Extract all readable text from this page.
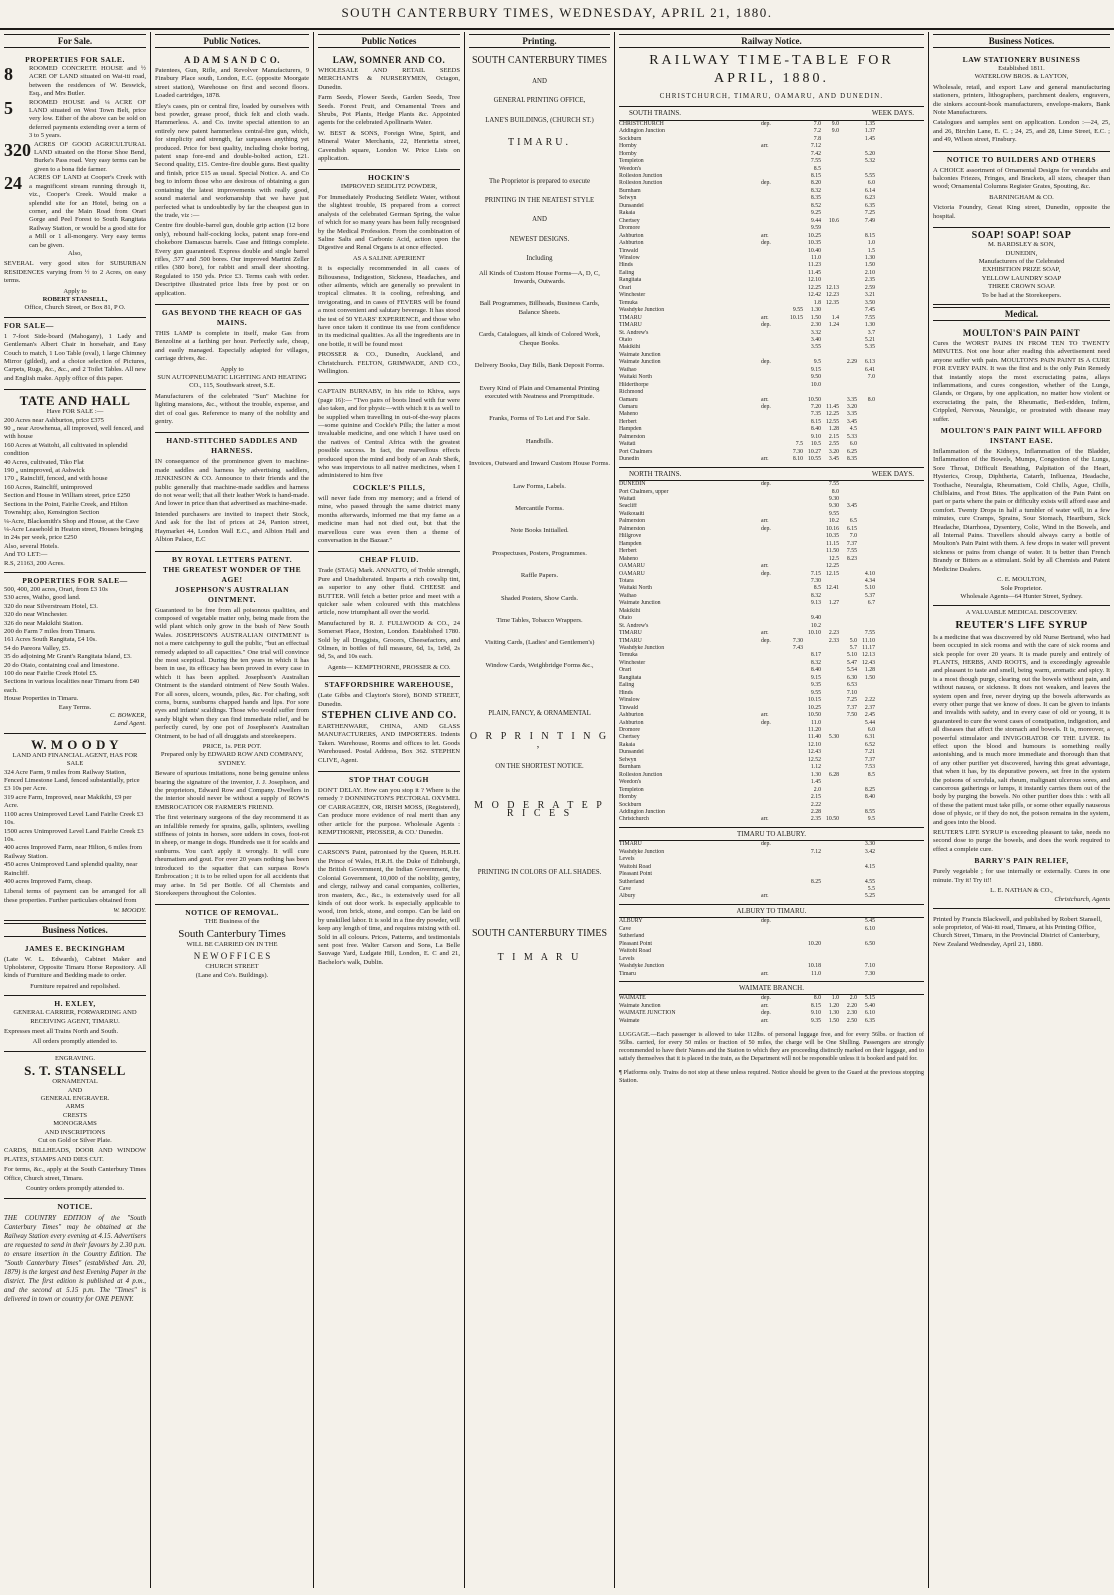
SOUTH CANTERBURY TIMES, WEDNESDAY, APRIL 21, 1880.
For Sale.
PROPERTIES FOR SALE.
8	ROOMED CONCRETE HOUSE and ½ ACRE OF LAND situated on Wai-iti road, between the residences of W. Beswick, Esq., and Mrs Butler.
5	ROOMED HOUSE and ¼ ACRE OF LAND situated on West Town Belt, price very low. Either of the above can be sold on deferred payments extending over a term of 3 to 5 years.
320 ACRES OF GOOD AGRICULTURAL LAND situated on the Horse Shoe Bend, Burke's Pass road. Very easy terms can be given to a bona fide farmer.
24	ACRES OF LAND at Cooper's Creek with a magnificent stream running through it, viz., Cooper's Creek. Would make a splendid site for an Hotel, being on a corner, and the Main Road from Orari Gorge and Peel Forest to South Rangitata Railway Station, or would be a good site for a Mill or 1 all-mongery. Very easy terms can be given.
Also,

SEVERAL very good sites for SUBURBAN RESIDENCES varying from ½ to 2 Acres, on easy terms.

Apply to
ROBERT STANSELL,
Office, Church Street, or Box 81, P O.
FOR SALE—

1 7-foot Side-board (Mahogany), 1 Lady and Gentleman's Albert Chair in horsehair, and Easy Couch to match, 1 Loo Table (oval), 1 large Chimney Mirror (gilded), and a choice selection of Pictures, Carpets, Rugs, &c., &c., and 2 Toilet Tables. All new and English make. Apply office of this paper.

TATE AND HALL
Have FOR SALE :—
200 Acres near Ashburton, price £375
90 „ near Arowhenua, all improved, well fenced, and with house
160 Acres at Waitohi, all cultivated in splendid condition
40 Acres, cultivated, Tiko Flat
190 „ unimproved, at Ashwick
170 „ Raincliff, fenced, and with house
160 Acres, Raincliff, unimproved
Section and House in William street, price £250
Sections in the Point, Fairlie Creek, and Hilton Township; also, Kensington Section
¼-Acre, Blacksmith's Shop and House, at the Cave
¼-Acre Leasehold in Heaton street, Houses bringing in 24s per week, price £250
Also, several Hotels.
And TO LET:—
R.S, 21163, 200 Acres.
PROPERTIES FOR SALE—
500, 400, 200 acres, Orari, from £3 10s
530 acres, Waiho, good land.
320 do near Silverstream Hotel, £3.
320 do near Winchester.
326 do near Makikihi Station.
200 do Farm 7 miles from Timaru.
161 Acres South Rangitata, £4 10s.
54 do Pareora Valley, £5.
35 do adjoining Mr Grant's Rangitata Island, £3.
20 do Otaio, containing coal and limestone.
100 do near Fairlie Creek Hotel £5.
Sections in various localities near Timaru from £40 each.
House Properties in Timaru.
Easy Terms.
C. BOWKER,
Land Agent.
W. M O O D Y
LAND AND FINANCIAL AGENT, HAS FOR SALE
324 Acre Farm, 9 miles from Railway Station, Fenced Limestone Land, fenced substantially, price £3 10s per Acre.
319 acre Farm, Improved, near Makikihi, £9 per Acre.
1100 acres Unimproved Level Land Fairlie Creek £3 10s.
1500 acres Unimproved Level Land Fairlie Creek £3 10s.
400 acres Improved Farm, near Hilton, 6 miles from Railway Station.
450 acres Unimproved Land splendid quality, near Raincliff.
400 acres Improved Farm, cheap.

Liberal terms of payment can be arranged for all these properties. Further particulars obtained from

W. MOODY.
Business Notices.
JAMES E. BECKINGHAM

(Late W. L. Edwards), Cabinet Maker and Upholsterer, Opposite Timaru Horse Repository. All kinds of Furniture and Bedding made to order.

Furniture repaired and repolished.
H. EXLEY,
GENERAL CARRIER, FORWARDING AND RECEIVING AGENT, TIMARU.

Expresses meet all Trains North and South.

All orders promptly attended to.
ENGRAVING.
S. T. STANSELL
ORNAMENTAL
AND
GENERAL ENGRAVER.
ARMS
CRESTS
MONOGRAMS
AND INSCRIPTIONS
Cut on Gold or Silver Plate.

CARDS, BILLHEADS, DOOR AND WINDOW PLATES, STAMPS AND DIES CUT.

For terms, &c., apply at the South Canterbury Times Office, Church street, Timaru.

Country orders promptly attended to.
NOTICE.

THE COUNTRY EDITION of the "South Canterbury Times" may be obtained at the Railway Station every evening at 4.15. Advertisers are requested to send in their favours by 2.30 p.m. to ensure insertion in the Country Edition. The "South Canterbury Times" (established Jan. 20, 1879) is the largest and best Evening Paper in the district. The first edition is published at 4 p.m., and the second at 5.15 p.m. The "Times" is delivered in town or country for ONE PENNY.

Public Notices.
A D A M S A N D C O.

Patentees, Gun, Rifle, and Revolver Manufacturers, 9 Finsbury Place south, London, E.C. (opposite Moorgate street station), Warehouse on first and second floors. Loaded cartridges, 1878.

Eley's cases, pin or central fire, loaded by ourselves with best powder, grease proof, thick felt and cloth wads. Hammerless. A. and Co. invite special attention to an entirely new patent hammerless central-fire gun, which, for simplicity and strength, far surpasses anything yet produced. Price for best quality, including choke boring, patent snap fore-end and double-bolted action, £21. Second quality, £15. Centre-fire double guns. Best quality and finish, price £15 as usual. Special Notice. A. and Co beg to inform those who are desirous of obtaining a gun containing the latest improvements with really good, sound material and workmanship that we have just perfected what is undoubtedly by far the cheapest gun in the trade, viz :—

Centre fire double-barrel gun, double grip action (12 bore only), rebound half-cocking locks, patent snap fore-end chokebore Damascus barrels. Case and fittings complete. Every gun guaranteed. Express double and single barrel rifles, .577 and .500 bores. Our improved Martini Zeller rifles (380 bore), for rabbit and small deer shooting. Regulated to 150 yds. Price £3. Terms cash with order. Descriptive illustrated price lists free by post or on application.

GAS BEYOND THE REACH OF GAS MAINS.

THIS LAMP is complete in itself, make Gas from Benzoline at a farthing per hour. Perfectly safe, cheap, and easily managed. Especially adapted for villages, carriage drives, &c.

Apply to
SUN AUTOPNEUMATIC LIGHTING AND HEATING CO., 115, Southwark street, S.E.

Manufacturers of the celebrated "Sun" Machine for lighting mansions, &c., without the trouble, expense, and dirt of coal gas. Reference to many of the nobility and gentry.

HAND-STITCHED SADDLES AND HARNESS.

IN consequence of the prominence given to machine-made saddles and harness by advertising saddlers, JENKINSON & CO. Announce to their friends and the public generally that machine-made saddles and harness do not wear well; that all their leather Work is hand-made. And lower in price than that advertised as machine-made.

Intended purchasers are invited to inspect their Stock, And ask for the list of prices at 24, Panton street, Haymarket 44, London Wall E.C., and Albion Hall and Albion Palace, E.C

BY ROYAL LETTERS PATENT.
THE GREATEST WONDER OF THE AGE!
JOSEPHSON'S AUSTRALIAN OINTMENT.

Guaranteed to be free from all poisonous qualities, and composed of vegetable matter only, being made from the wild plant which only grow in the bush of New South Wales. JOSEPHSON'S AUSTRALIAN OINTMENT is not a mere catchpenny to gull the public, "but an effectual remedy adapted to all capacities." One trial will convince the most sceptical. During the ten years in which it has been in use, its efficacy has been proved in every case in which it has been applied. Josephson's Australian Ointment is the standard ointment of New South Wales. For all sores, ulcers, wounds, piles, &c. For chafing, soft corns, burns, sunburns chapped hands and lips. For sore eyes and infants' scaldings. Those who would suffer from sandy blight when they can find immediate relief, and be perfectly cured, by one pot of Josephson's Australian Ointment, to be had of all druggists and storekeepers.

PRICE, 1s. PER POT.
Prepared only by EDWARD ROW AND COMPANY, SYDNEY.

Beware of spurious imitations, none being genuine unless bearing the signature of the inventor, J. J. Josephson, and the proprietors, Edward Row and Company. Dwellers in the interior should never be without a supply of ROW'S EMBROCATION OR FARMER'S FRIEND.

The first veterinary surgeons of the day recommend it as an infallible remedy for sprains, galls, splinters, swelling stiffness of joints in horses, sore udders in cows, foot-rot in sheep, or mange in dogs. Hundreds use it for scalds and sunburns. You can't apply it wrongly. It will cure rheumatism and gout. For over 20 years nothing has been introduced to the squatter that can surpass Row's Embrocation ; it is to be relied upon for all accidents that may arise. In 5d per Bottle. Of all Chemists and Storekeepers throughout the Colonies.

NOTICE OF REMOVAL.
THE Business of the
South Canterbury Times
WILL BE CARRIED ON IN THE
N E W O F F I C E S
CHURCH STREET
(Lane and Co's. Buildings).
Public Notices
LAW, SOMNER AND CO.

WHOLESALE AND RETAIL SEEDS MERCHANTS & NURSERYMEN, Octagon, Dunedin.

Farm Seeds, Flower Seeds, Garden Seeds, Tree Seeds. Forest Fruit, and Ornamental Trees and Shrubs, Pot Plants, Hedge Plants &c. Appointed agents for the celebrated Apollinaris Water.

W. BEST & SONS, Foreign Wine, Spirit, and Mineral Water Merchants, 22, Henrietta street, Cavendish square, London W. Price Lists on application.

HOCKIN'S
IMPROVED SEIDLITZ POWDER,

For Immediately Producing Seidletz Water, without the slightest trouble, IS prepared from a correct analysis of the celebrated German Spring, the value of which for so many years has been fully recognised by the Medical Profession. From the combination of Saline Salts and Carbonic Acid, action upon the Digestive and Renal Organs is at once effected.

AS A SALINE APERIENT

It is especially recommended in all cases of Biliousness, Indigestion, Sickness, Headaches, and other ailments, which are generally so prevalent in tropical climates. It is cooling, refreshing, and invigorating, and in cases of FEVERS will be found a most convenient and salutary beverage. It has stood the test of 50 YEARS' EXPERIENCE, and those who have once taken it continue its use from confidence in its medicinal qualities. As all the ingredients are in one bottle, it will be found most

PROSSER & CO., Dunedin, Auckland, and Christchurch. FELTON, GRIMWADE, AND CO., Wellington.

CAPTAIN BURNABY, in his ride to Khiva, says (page 16):— "Two pairs of boots lined with fur were also taken, and for physic—with which it is as well to be supplied when travelling in out-of-the-way places—some quinine and Cockle's Pills; the latter a most invaluable medicine, and one which I have used on the natives of Central Africa with the greatest possible success. In fact, the marvellous effects produced upon the mind and body of an Arab Sheik, who was impervious to all native medicines, when I administered to him five

COCKLE'S PILLS,

will never fade from my memory; and a friend of mine, who passed through the same district many months afterwards, informed me that my fame as a medicine man had not died out, but that the marvellous cure was even then a theme of conversation in the Bazaar."

CHEAP FLUID.

Trade (STAG) Mark. ANNATTO, of Treble strength, Pure and Unadulterated. Imparts a rich cowslip tint, as superior to any other fluid. CHEESE and BUTTER. Will fetch a better price and meet with a quicker sale when coloured with this matchless article, now triumphant all over the world.

Manufactured by R. J. FULLWOOD & CO., 24 Somerset Place, Hoxton, London. Established 1780. Sold by all Druggists, Grocers, Cheesefactors, and Oilmen, in bottles of full measure, 6d, 1s, 1s9d, 2s 9d, 5s, and 10s each.

Agents— KEMPTHORNE, PROSSER & CO.
STAFFORDSHIRE WAREHOUSE,

(Late Gibbs and Clayton's Store), BOND STREET, Dunedin.

STEPHEN CLIVE AND CO.

EARTHENWARE, CHINA, AND GLASS MANUFACTURERS, AND IMPORTERS. Indents Taken. Warehouse, Rooms and offices to let. Goods Warehoused. Postal Address, Box 362. STEPHEN CLIVE, Agent.

STOP THAT COUGH

DON'T DELAY. How can you stop it ? Where is the remedy ? DONNINGTON'S PECTORAL OXYMEL OF CARRAGEEN, OR, IRISH MOSS, (Registered), Can produce more evidence of real merit than any other article for the purpose. Wholesale Agents : KEMPTHORNE, PROSSER, & CO.' Dunedin.

CARSON'S Paint, patronised by the Queen, H.R.H. the Prince of Wales, H.R.H. the Duke of Edinburgh, the British Government, the Indian Government, the Colonial Government, 10,000 of the nobility, gentry, and clergy, railway and canal companies, collieries, iron masters, &c., &c., is extensively used for all kinds of out door work. Is especially applicable to wood, iron brick, stone, and compo. Can be laid on by unskilled labor. It is sold in a fine dry powder, will keep any length of time, and requires mixing with oil. Sold in all colours. Prices, Patterns, and testimonials sent post free. Walter Carson and Sons, La Belle Sauvage Yard, Ludgate Hill, London, E. C and 21, Bachelor's walk, Dublin.

Printing.
SOUTH CANTERBURY TIMES
AND
GENERAL PRINTING OFFICE,
LANE'S BUILDINGS, (CHURCH ST.)
TIMARU.
The Proprietor is prepared to execute
PRINTING IN THE NEATEST STYLE
AND
NEWEST DESIGNS.
Including
All Kinds of Custom House Forms—A, D, C, Inwards, Outwards.
Ball Programmes, Billheads, Business Cards, Balance Sheets.
Cards, Catalogues, all kinds of Colored Work, Cheque Books.
Delivery Books, Day Bills, Bank Deposit Forms.
Every Kind of Plain and Ornamental Printing executed with Neatness and Promptitude.
Franks, Forms of To Let and For Sale.
Handbills.
Invoices, Outward and Inward Custom House Forms.
Law Forms, Labels.
Mercantile Forms.
Note Books Initialled.
Prospectuses, Posters, Programmes.
Raffle Papers.
Shaded Posters, Show Cards.
Time Tables, Tobacco Wrappers.
Visiting Cards, (Ladies' and Gentlemen's)
Window Cards, Weighbridge Forms &c.,
PLAIN, FANCY, & ORNAMENTAL
O R P R I N T I N G ,
ON THE SHORTEST NOTICE.
M O D E R A T E P R I C E S
PRINTING IN COLORS OF ALL SHADES.
SOUTH CANTERBURY TIMES
T I M A R U
Railway Notice.
RAILWAY TIME-TABLE FOR APRIL, 1880.
CHRISTCHURCH, TIMARU, OAMARU, AND DUNEDIN.
SOUTH TRAINS.	WEEK DAYS.
CHRISTCHURCH	dep.	7.0	9.0	1.35
Addington Junction	7.2	9.0	1.37
Sockburn	7.8	1.45
Hornby	arr.	7.12
Hornby	7.42	5.20
Templeton	7.55	5.32
Weedon's	8.5
Rolleston Junction	8.15	5.55
Rolleston Junction	dep.	8.20	6.0
Burnham	8.32	6.14
Selwyn	8.35	6.23
Dunsandel	8.52	6.35
Rakaia	9.25	7.25
Chertsey	9.44	10.6	7.49
Dromore	9.59
Ashburton	arr.	10.25	8.15
Ashburton	dep.	10.35	1.0
Tinwald	10.40	1.5
Winslow	11.0	1.30
Hinds	11.23	1.50
Ealing	11.45	2.10
Rangitata	12.10	2.35
Orari	12.25 12.13	2.59
Winchester	12.42 12.23	3.21
Temuka	1.8 12.35	3.50
Washdyke Junction	9.55	1.30	7.45
TIMARU	arr.	10.15	1.50	1.4	7.55
TIMARU	dep.	2.30	1.24	1.30
St. Andrew's	3.32	3.7
Otaio	3.40	5.21
Makikihi	3.55	5.35
Waimate Junction
Waimate Junction	dep.	9.5	2.29	6.13
Waihao	9.15	6.41
Waitaki North	9.50	7.0
Hilderthorpe	10.0
Richmond
Oamaru	arr.	10.50	3.35	8.0
Oamaru	dep.	7.20 11.45	3.20
Maheno	7.35 12.25	3.35
Herbert	8.15 12.55	3.45
Hampden	8.40	1.28	4.5
Palmerston	9.10	2.15	5.33
Waitati	7.5	10.5	2.55	6.0
Port Chalmers	7.30 10.27	3.20	6.25
Dunedin	arr.	8.10 10.55	3.45	8.35
NORTH TRAINS.	WEEK DAYS.
DUNEDIN	dep.	7.55
Port Chalmers, upper	8.0
Waitati	9.30
Seacliff	9.30	3.45
Waikouaiti	9.55
Palmerston	arr.	10.2	6.5
Palmerston	dep.	10.16	6.15
Hillgrove	10.35	7.0
Hampden	11.15	7.37
Herbert	11.50	7.55
Maheno	12.5	8.23
OAMARU	arr.	12.25
OAMARU	dep.	7.15 12.15	4.10
Totara	7.30	4.34
Waitaki North	8.5 12.41	5.10
Waihao	8.32	5.37
Waimate Junction	9.13	1.27	6.7
Makikihi
Otaio	9.40
St. Andrew's	10.2
TIMARU	arr.	10.10	2.23	7.55
TIMARU	dep.	7.30	2.33	5.0 11.10
Washdyke Junction	7.43	5.7 11.17
Temuka	8.17	5.10 12.13
Winchester	8.32	5.47 12.43
Orari	8.40	5.54	1.28
Rangitata	9.15	6.30	1.50
Ealing	9.35	6.53
Hinds	9.55	7.10
Winslow	10.15	7.25	2.22
Tinwald	10.25	7.37	2.37
Ashburton	arr.	10.50	7.50	2.45
Ashburton	dep.	11.0	5.44
Dromore	11.20	6.0
Chertsey	11.40	5.30	6.31
Rakaia	12.10	6.52
Dunsandel	12.43	7.21
Selwyn	12.52	7.37
Burnham	1.12	7.53
Rolleston Junction	1.30	6.28	8.5
Weedon's	1.45
Templeton	2.0	8.25
Hornby	2.15	8.40
Sockburn	2.22
Addington Junction	2.28	8.55
Christchurch	arr.	2.35 10.50	9.5
TIMARU TO ALBURY.
TIMARU	dep.	3.30
Washdyke Junction	7.12	3.42
Levels
Waitohi Road	4.15
Pleasant Point
Sutherland	8.25	4.55
Cave	5.5
Albury	arr.	5.25
ALBURY TO TIMARU.
ALBURY	dep.	5.45
Cave	6.10
Sutherland
Pleasant Point	10.20	6.50
Waitohi Road
Levels
Washdyke Junction	10.18	7.10
Timaru	arr.	11.0	7.30
WAIMATE BRANCH.
WAIMATE	dep.	8.0	1.0	2.0	5.15
Waimate Junction	arr.	8.15	1.20	2.20	5.40
WAIMATE JUNCTION	dep.	9.10	1.30	2.30	6.10
Waimate	arr.	9.35	1.50	2.50	6.35

LUGGAGE.—Each passenger is allowed to take 112lbs. of personal luggage free, and for every 56lbs. or fraction of 56lbs. carried, for every 50 miles or fraction of 50 miles, the charge will be One Shilling. Passengers are strongly recommended to have their Names and the Station to which they are proceeding distinctly marked on their luggage, and to satisfy themselves that it is placed in the train, as the Department will not be responsible unless it is booked and paid for.

¶ Platforms only. Trains do not stop at these unless required. Notice should be given to the Guard at the previous stopping Station.

Business Notices.
LAW STATIONERY BUSINESS
Established 1811.
WATERLOW BROS. & LAYTON,

Wholesale, retail, and export Law and general manufacturing stationers, printers, lithographers, parchment dealers, engravers, die sinkers account-book manufacturers, envelope-makers, Bank Note Manufacturers.

Catalogues and samples sent on application. London :—24, 25, and 26, Birchin Lane, E. C. ; 24, 25, and 28, Lime Street, E.C. ; and 49, Wilson street, Finsbury.

NOTICE TO BUILDERS AND OTHERS

A CHOICE assortment of Ornamental Designs for verandahs and balconies Friezes, Fringes, and Brackets, all sizes, cheaper than wood; Ornamental Columns Register Grates, Spouting, &c.

BARNINGHAM & CO.

Victoria Foundry, Great King street, Dunedin, opposite the hospital.

SOAP! SOAP! SOAP
M. BARDSLEY & SON,
DUNEDIN,
Manufacturers of the Celebrated
EXHIBITION PRIZE SOAP,
YELLOW LAUNDRY SOAP
THREE CROWN SOAP.
To be had at the Storekeepers.
Medical.
MOULTON'S PAIN PAINT

Cures the WORST PAINS IN FROM TEN TO TWENTY MINUTES. Not one hour after reading this advertisement need anyone suffer with pain. MOULTON'S PAIN PAINT IS A CURE FOR EVERY PAIN. It was the first and is the only Pain Remedy that instantly stops the most excruciating pains, allays inflammations, and cures congestion, whether of the Lungs, Glands, or Organs, by one application, no matter how violent or excruciating the pain, the Rheumatic, Bed-ridden, Infirm, Crippled, Nervous, Neuralgic, or prostrated with disease may suffer.

MOULTON'S PAIN PAINT WILL AFFORD INSTANT EASE.

Inflammation of the Kidneys, Inflammation of the Bladder, Inflammation of the Bowels, Mumps, Congestion of the Lungs, Sore Throat, Difficult Breathing, Palpitation of the Heart, Hysterics, Croup, Diphtheria, Catarrh, Influenza, Headache, Toothache, Neuralgia, Rheumatism, Cold Chills, Ague, Chills, Chilblains, and Frost Bites. The application of the Pain Paint on part or parts where the pain or difficulty exists will afford ease and comfort. Twenty Drops in half a tumbler of water will, in a few minutes, cure Cramps, Sprains, Sour Stomach, Heartburn, Sick Headache, Diarrhoea, Dysentery, Colic, Wind in the Bowels, and all Internal Pains. Travellers should always carry a bottle of Moulton's Pain Paint with them. A few drops in water will prevent sickness or pains from change of water. It is better than French Brandy or Bitters as a stimulant. Sold by all Chemists and Patent Medicine Dealers.

C. E. MOULTON,
Sole Proprietor.
Wholesale Agents—64 Hunter Street, Sydney.
A VALUABLE MEDICAL DISCOVERY.
REUTER'S LIFE SYRUP

Is a medicine that was discovered by old Nurse Bertrand, who had been occupied in sick rooms and with the care of sick rooms and sick people for over 20 years. It is made purely and entirely of FLANTS, HERBS, AND ROOTS, and is exceedingly agreeable and pleasant to taste and smell, being warm, aromatic and spicy. It is a most though purge, clearing out the bowels without pain, and without nausea, or sickness. It does not weaken, and leaves the system open and free, never drying up the bowels afterwards as every other purge that we know of does. It can be given to infants and invalids with safety, and in every case of old or young, it is guaranteed to cure the worst cases of constipation, indigestion, and all diseases that affect the stomach and bowels. It is, moreover, a powerful stimulator and INVIGORATOR OF THE LIVER. Its effect upon the blood and humours is something really astonishing, and is much more immediate and thorough than that of any other purifier yet discovered, having this great advantage, that when it has, by its depurative powers, set free in the system the poisons of scrofula, salt rheum, malignant ulcerous sores, and cancerous gatherings or lumps, it instantly carries them out of the body by purging the bowels. No other purifier does this : with all of these the patient must take pills, or some other equally nauseous dose of physic, or if they do not, the poison remains in the system, and goes into the blood.

REUTER'S LIFE SYRUP is exceeding pleasant to take, needs no second dose to purge the bowels, and does the work required to effect a complete cure.

BARRY'S PAIN RELIEF,

Purely vegetable ; for use internally or externally. Cures in one minute. Try it! Try it!!

L. E. NATHAN & CO.,
Christchurch, Agents

Printed by Francis Blackwell, and published by Robert Stansell, sole proprietor, of Wai-iti road, Timaru, at his Printing Office, Church Street, Timaru, in the Provincial District of Canterbury, New Zealand Wednesday, April 21, 1880.
